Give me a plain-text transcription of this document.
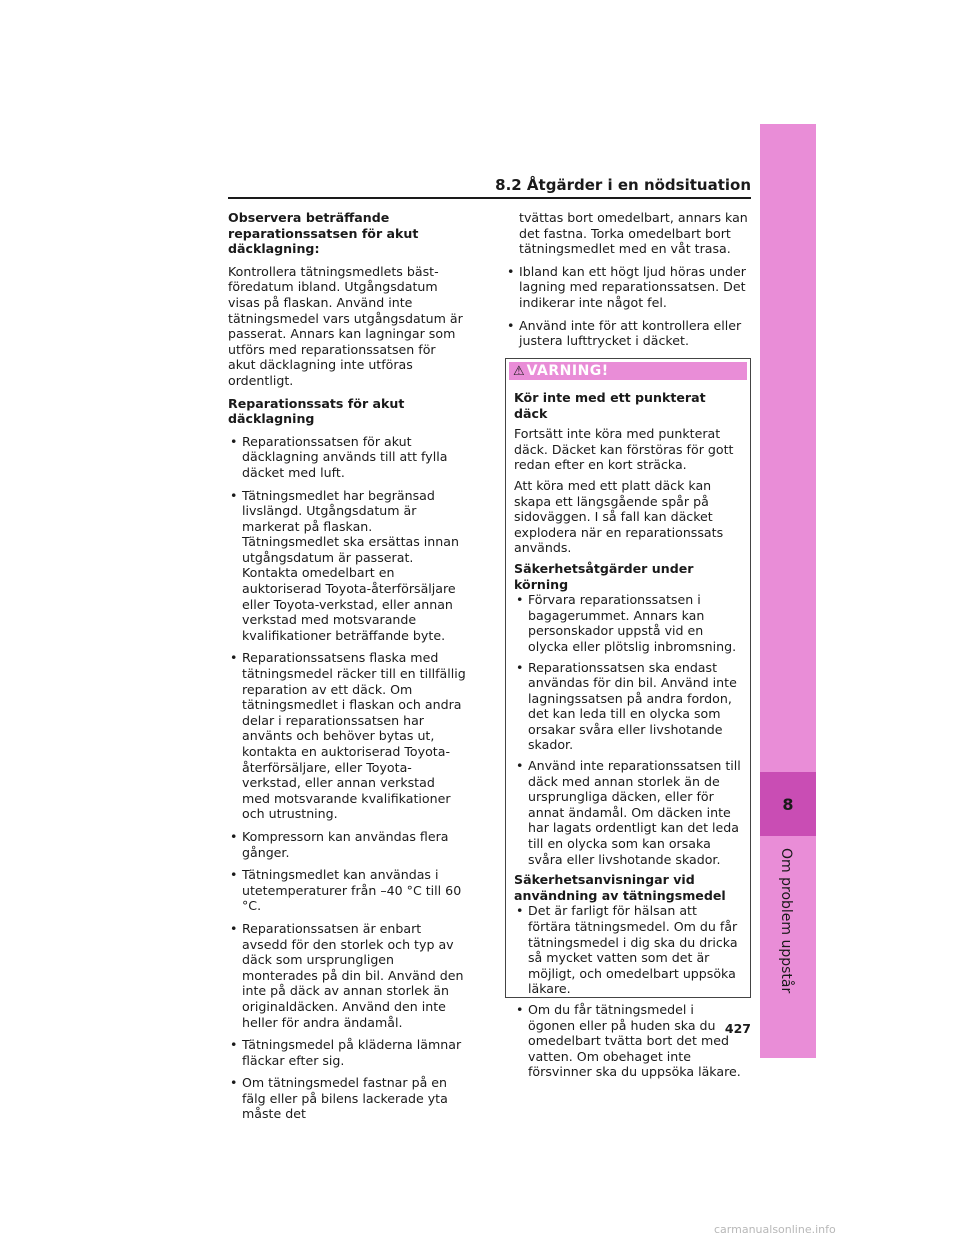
8.2 Åtgärder i en nödsituation
8
Om problem uppstår

Observera beträffande reparationssatsen för akut däcklagning:

Kontrollera tätningsmedlets bäst-föredatum ibland. Utgångsdatum visas på flaskan. Använd inte tätningsmedel vars utgångsdatum är passerat. Annars kan lagningar som utförs med reparationssatsen för akut däcklagning inte utföras ordentligt.

Reparationssats för akut däcklagning

• Reparationssatsen för akut däcklagning används till att fylla däcket med luft.
• Tätningsmedlet har begränsad livslängd. Utgångsdatum är markerat på flaskan. Tätningsmedlet ska ersättas innan utgångsdatum är passerat. Kontakta omedelbart en auktoriserad Toyota-återförsäljare eller Toyota-verkstad, eller annan verkstad med motsvarande kvalifikationer beträffande byte.
• Reparationssatsens flaska med tätningsmedel räcker till en tillfällig reparation av ett däck. Om tätningsmedlet i flaskan och andra delar i reparationssatsen har använts och behöver bytas ut, kontakta en auktoriserad Toyota-återförsäljare, eller Toyota-verkstad, eller annan verkstad med motsvarande kvalifikationer och utrustning.
• Kompressorn kan användas flera gånger.
• Tätningsmedlet kan användas i utetemperaturer från –40 °C till 60 °C.
• Reparationssatsen är enbart avsedd för den storlek och typ av däck som ursprungligen monterades på din bil. Använd den inte på däck av annan storlek än originaldäcken. Använd den inte heller för andra ändamål.
• Tätningsmedel på kläderna lämnar fläckar efter sig.
• Om tätningsmedel fastnar på en fälg eller på bilens lackerade yta måste det

tvättas bort omedelbart, annars kan det fastna. Torka omedelbart bort tätningsmedlet med en våt trasa.

• Ibland kan ett högt ljud höras under lagning med reparationssatsen. Det indikerar inte något fel.
• Använd inte för att kontrollera eller justera lufttrycket i däcket.
⚠ VARNING!

Kör inte med ett punkterat däck

Fortsätt inte köra med punkterat däck. Däcket kan förstöras för gott redan efter en kort sträcka.

Att köra med ett platt däck kan skapa ett längsgående spår på sidoväggen. I så fall kan däcket explodera när en reparationssats används.

Säkerhetsåtgärder under körning

• Förvara reparationssatsen i bagagerummet. Annars kan personskador uppstå vid en olycka eller plötslig inbromsning.
• Reparationssatsen ska endast användas för din bil. Använd inte lagningssatsen på andra fordon, det kan leda till en olycka som orsakar svåra eller livshotande skador.
• Använd inte reparationssatsen till däck med annan storlek än de ursprungliga däcken, eller för annat ändamål. Om däcken inte har lagats ordentligt kan det leda till en olycka som kan orsaka svåra eller livshotande skador.

Säkerhetsanvisningar vid användning av tätningsmedel

• Det är farligt för hälsan att förtära tätningsmedel. Om du får tätningsmedel i dig ska du dricka så mycket vatten som det är möjligt, och omedelbart uppsöka läkare.
• Om du får tätningsmedel i ögonen eller på huden ska du omedelbart tvätta bort det med vatten. Om obehaget inte försvinner ska du uppsöka läkare.
427
carmanualsonline.info
